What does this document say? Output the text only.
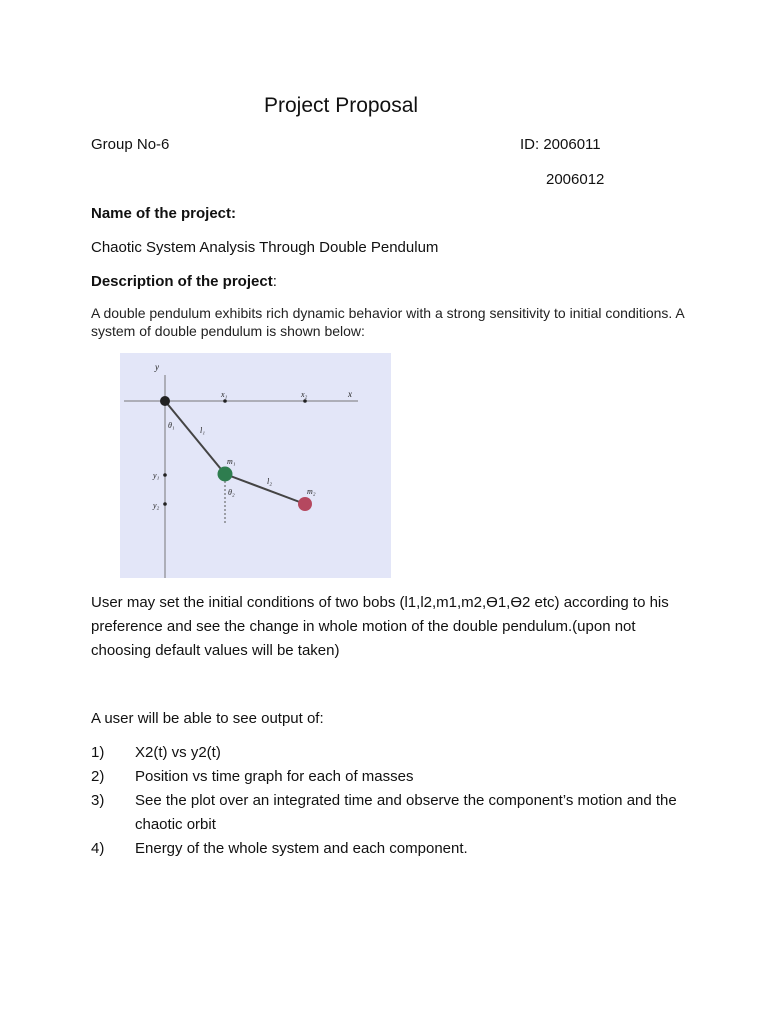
Project Proposal
Group No-6	ID: 2006011
2006012
Name of the project:
Chaotic System Analysis Through Double Pendulum
Description of the project:

A double pendulum exhibits rich dynamic behavior with a strong sensitivity to initial conditions. A system of double pendulum is shown below:

y
x
x₁	x₂
y₁
y₂
θ₁
θ₂
l₁
l₂
m₁
m₂

User may set the initial conditions of two bobs (l1,l2,m1,m2,Ө1,Ө2 etc) according to his preference and see the change in whole motion of the double pendulum.(upon not choosing default values will be taken)

A user will be able to see output of:
1)	X2(t) vs y2(t)
2)	Position vs time graph for each of masses
3)	See the plot over an integrated time and observe the component’s motion and the chaotic orbit
4)	Energy of the whole system and each component.
